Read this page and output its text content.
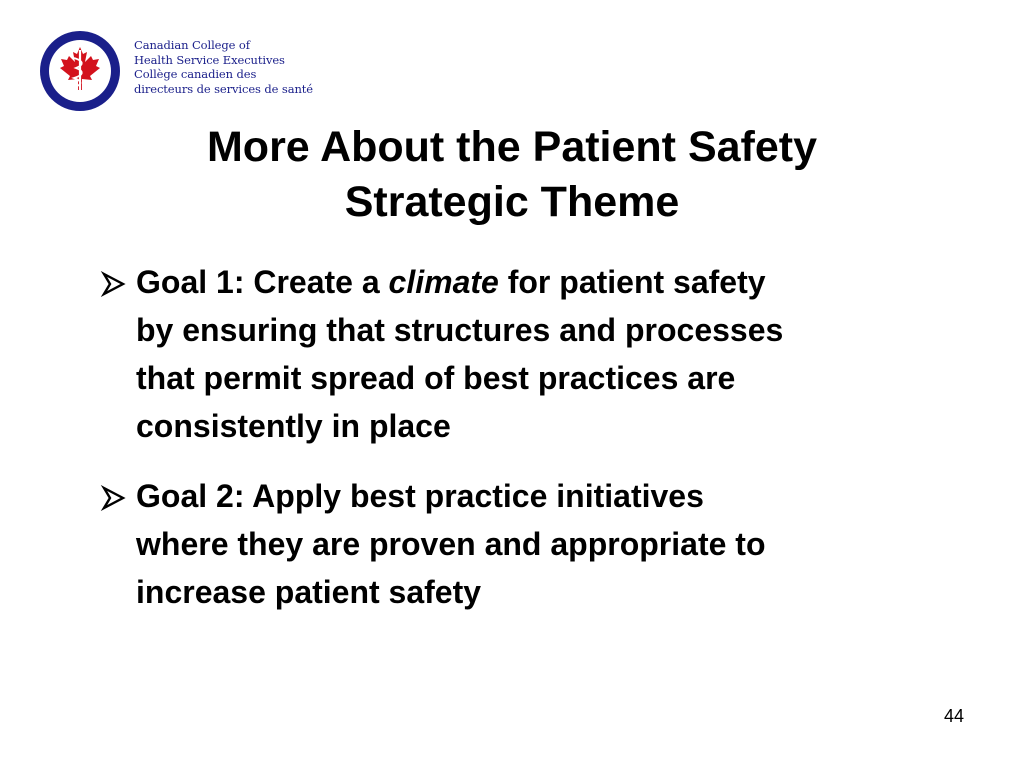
Canadian College of
Health Service Executives
Collège canadien des
directeurs de services de santé
More About the Patient Safety
Strategic Theme
Goal 1: Create a climate for patient safety
by ensuring that structures and processes
that permit spread of best practices are
consistently in place
Goal 2: Apply best practice initiatives
where they are proven and appropriate to
increase patient safety
44
